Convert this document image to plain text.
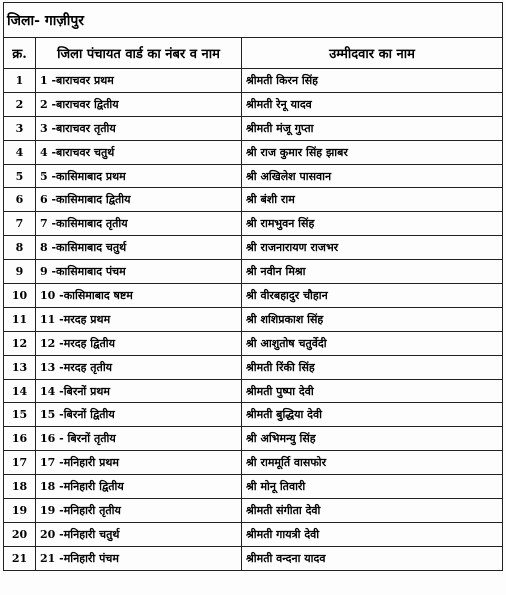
जिला- गाज़ीपुर		
क्र.	जिला पंचायत वार्ड का नंबर व नाम	उम्मीदवार का नाम
1	1 -बाराचवर प्रथम	श्रीमती किरन सिंह
2	2 -बाराचवर द्वितीय	श्रीमती रेनू यादव
3	3 -बाराचवर तृतीय	श्रीमती मंजू गुप्ता
4	4 -बाराचवर चतुर्थ	श्री राज कुमार सिंह झाबर
5	5 -कासिमाबाद प्रथम	श्री अखिलेश पासवान
6	6 -कासिमाबाद द्वितीय	श्री बंशी राम
7	7 -कासिमाबाद तृतीय	श्री रामभुवन सिंह
8	8 -कासिमाबाद चतुर्थ	श्री राजनारायण राजभर
9	9 -कासिमाबाद पंचम	श्री नवीन मिश्रा
10	10 -कासिमाबाद षष्टम	श्री वीरबहादुर चौहान
11	11 -मरदह प्रथम	श्री शशिप्रकाश सिंह
12	12 -मरदह द्वितीय	श्री आशुतोष चतुर्वेदी
13	13 -मरदह तृतीय	श्रीमती रिंकी सिंह
14	14 -बिरनों प्रथम	श्रीमती पुष्पा देवी
15	15 -बिरनों द्वितीय	श्रीमती बुद्धिया देवी
16	16 - बिरनों तृतीय	श्री अभिमन्यु सिंह
17	17 -मनिहारी प्रथम	श्री राममूर्ति वासफोर
18	18 -मनिहारी द्वितीय	श्री मोनू तिवारी
19	19 -मनिहारी तृतीय	श्रीमती संगीता देवी
20	20 -मनिहारी चतुर्थ	श्रीमती गायत्री देवी
21	21 -मनिहारी पंचम	श्रीमती वन्दना यादव
